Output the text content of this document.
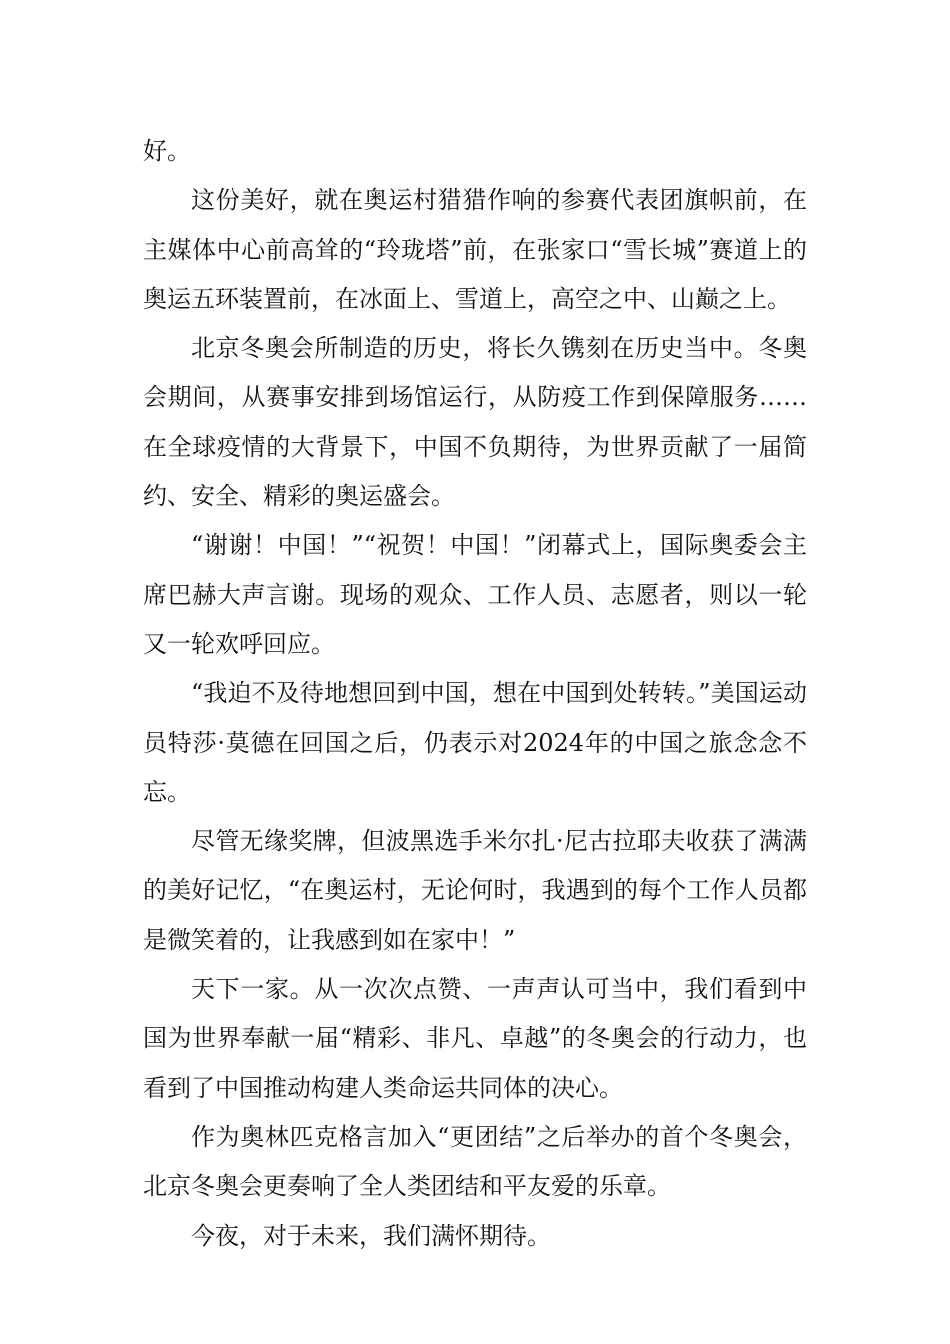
好。

这份美好，就在奥运村猎猎作响的参赛代表团旗帜前，在主媒体中心前高耸的“玲珑塔”前，在张家口“雪长城”赛道上的奥运五环装置前，在冰面上、雪道上，高空之中、山巅之上。

北京冬奥会所制造的历史，将长久镌刻在历史当中。冬奥会期间，从赛事安排到场馆运行，从防疫工作到保障服务……在全球疫情的大背景下，中国不负期待，为世界贡献了一届简约、安全、精彩的奥运盛会。

“谢谢！中国！”“祝贺！中国！”闭幕式上，国际奥委会主席巴赫大声言谢。现场的观众、工作人员、志愿者，则以一轮又一轮欢呼回应。

“我迫不及待地想回到中国，想在中国到处转转。”美国运动员特莎·莫德在回国之后，仍表示对2024年的中国之旅念念不忘。

尽管无缘奖牌，但波黑选手米尔扎·尼古拉耶夫收获了满满的美好记忆，“在奥运村，无论何时，我遇到的每个工作人员都是微笑着的，让我感到如在家中！”

天下一家。从一次次点赞、一声声认可当中，我们看到中国为世界奉献一届“精彩、非凡、卓越”的冬奥会的行动力，也看到了中国推动构建人类命运共同体的决心。

作为奥林匹克格言加入“更团结”之后举办的首个冬奥会，北京冬奥会更奏响了全人类团结和平友爱的乐章。

今夜，对于未来，我们满怀期待。
